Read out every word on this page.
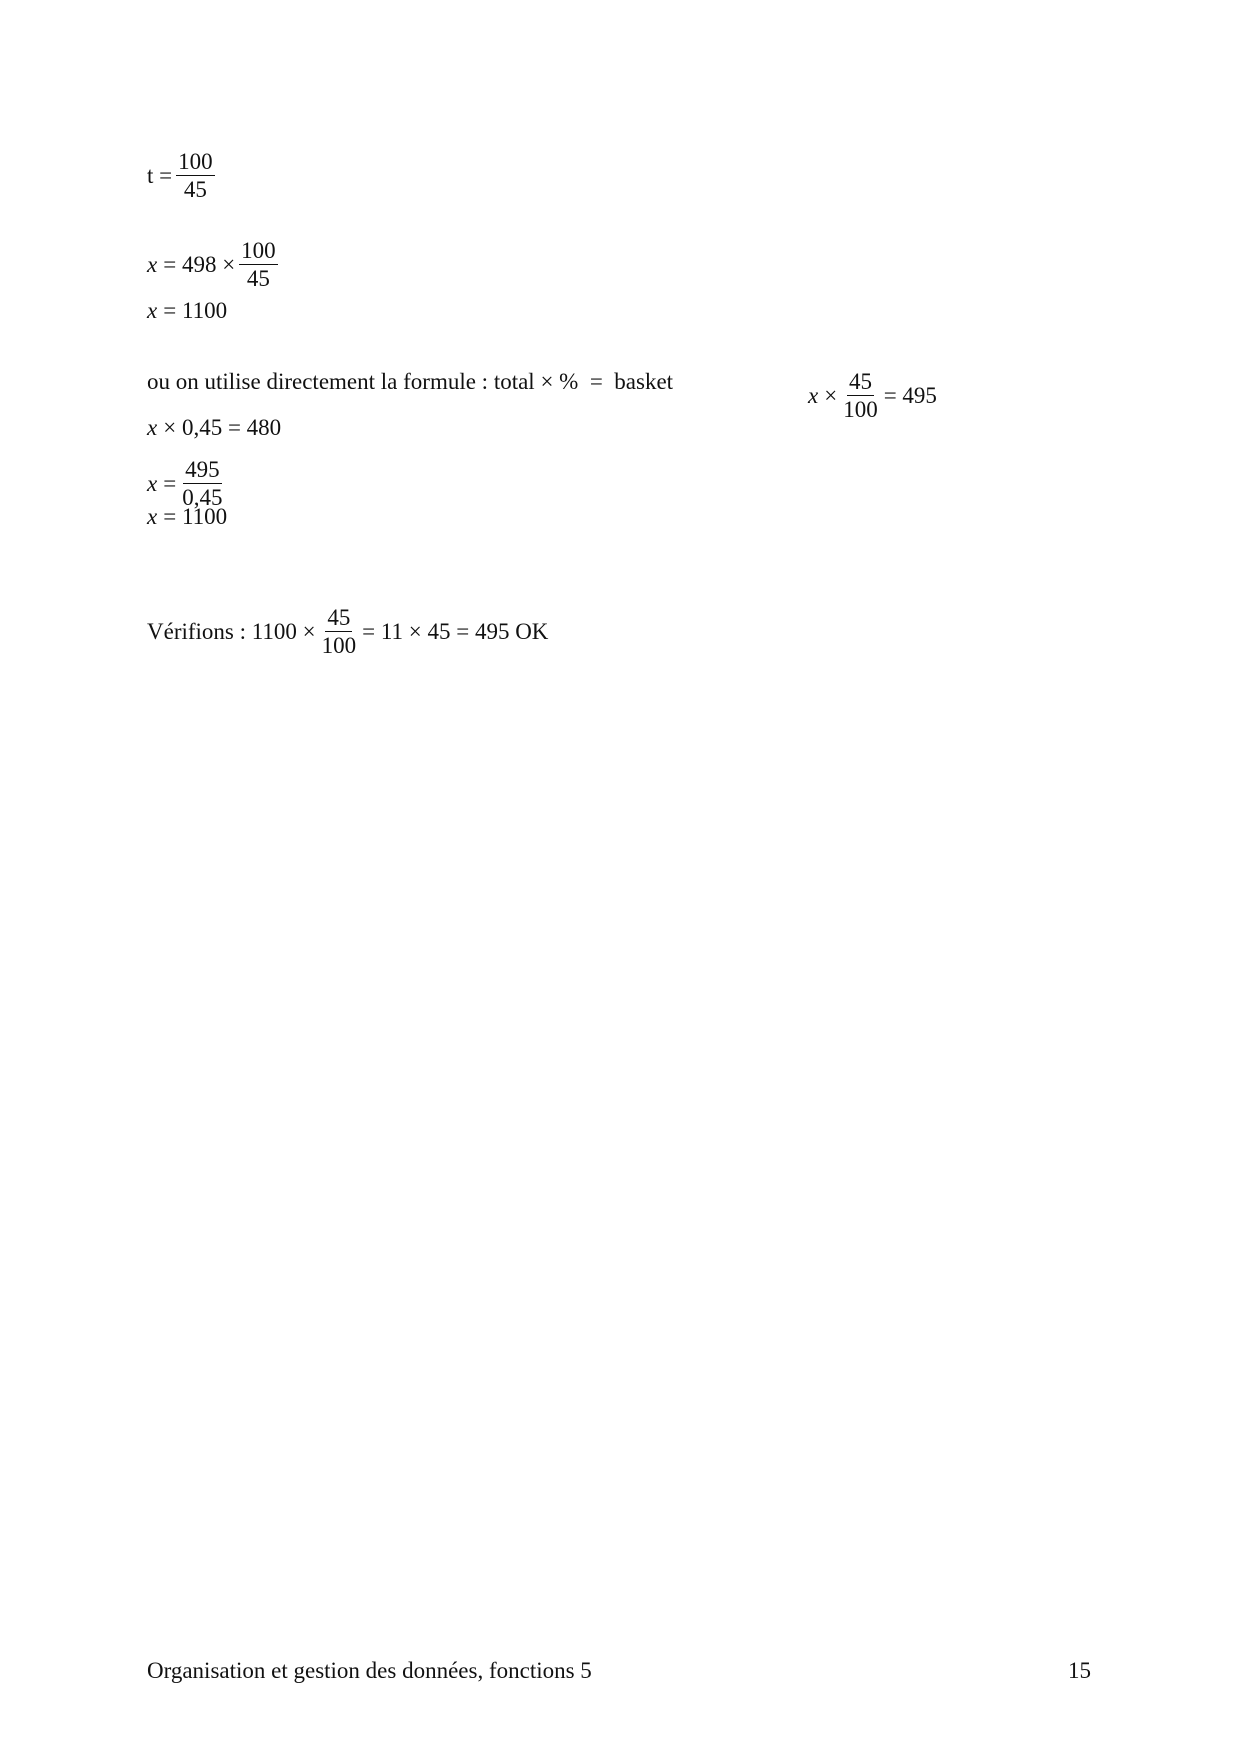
$t = \frac{100}{45}$
$x = 498 \times \frac{100}{45}$
x = 1100
ou on utilise directement la formule : total × %  =  basket
$x \times \frac{45}{100} = 495$
x × 0,45 = 480
$x = \frac{495}{0,45}$
x = 1100
Vérifions : $1100 \times \frac{45}{100} = 11 \times 45 = 495$ OK
Organisation et gestion des données, fonctions 5	15
